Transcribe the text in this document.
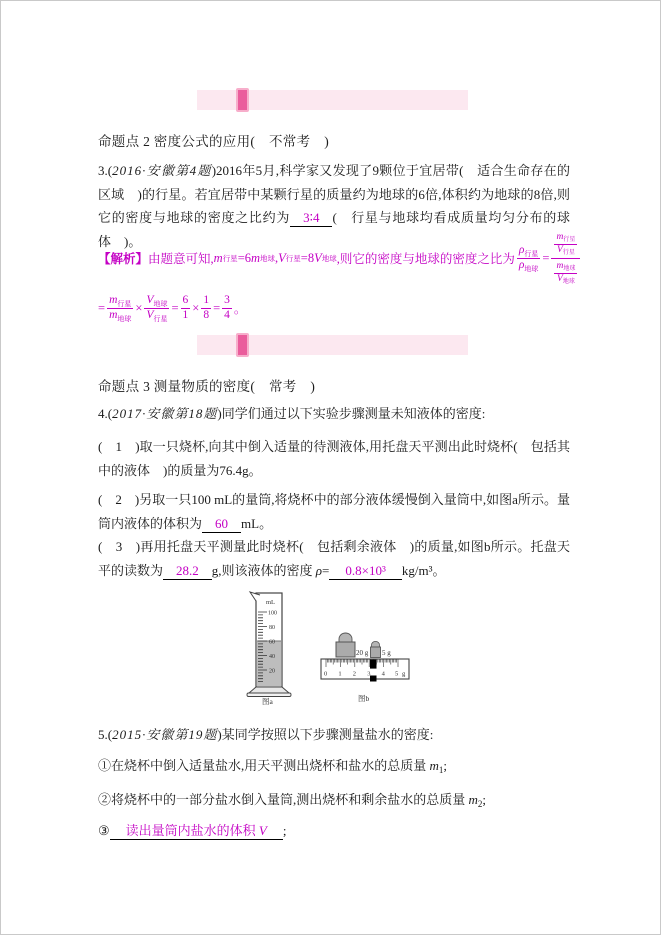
命题点 2 密度公式的应用(　不常考　)
3.(2016·安徽第4题)2016年5月,科学家又发现了9颗位于宜居带(　适合生命存在的区域　)的行星。若宜居带中某颗行星的质量约为地球的6倍,体积约为地球的8倍,则它的密度与地球的密度之比约为 3∶4 (　行星与地球均看成质量均匀分布的球体　)。
【解析】 由题意可知, m 行星 =6 m 地球 , V 行星 =8 V 地球 ,则它的密度与地球的密度之比为 $\frac{\rho_{行星}}{\rho_{地球}} = \frac{\frac{m_{行星}}{V_{行星}}}{\frac{m_{地球}}{V_{地球}}}$
= $\frac{m_{行星}}{m_{地球}} \times \frac{V_{地球}}{V_{行星}} = \frac{6}{1} \times \frac{1}{8} = \frac{3}{4}$ 。
命题点 3 测量物质的密度(　常考　)
4.(2017·安徽第18题)同学们通过以下实验步骤测量未知液体的密度:
(　1　)取一只烧杯,向其中倒入适量的待测液体,用托盘天平测出此时烧杯(　包括其中的液体　)的质量为76.4g。
(　2　)另取一只100 mL的量筒,将烧杯中的部分液体缓慢倒入量筒中,如图a所示。量筒内液体的体积为 60 mL。
(　3　)再用托盘天平测量此时烧杯(　包括剩余液体　)的质量,如图b所示。托盘天平的读数为 28.2 g,则该液体的密度 ρ= 0.8×10³ kg/m³。
mL
100
80
60
40
20
图a
20 g 5 g
0 1 2 3 4 5 g
图b
5.(2015·安徽第19题)某同学按照以下步骤测量盐水的密度:
①在烧杯中倒入适量盐水,用天平测出烧杯和盐水的总质量 $m_1$;
②将烧杯中的一部分盐水倒入量筒,测出烧杯和剩余盐水的总质量 $m_2$;
③ 读出量筒内盐水的体积 V ;
